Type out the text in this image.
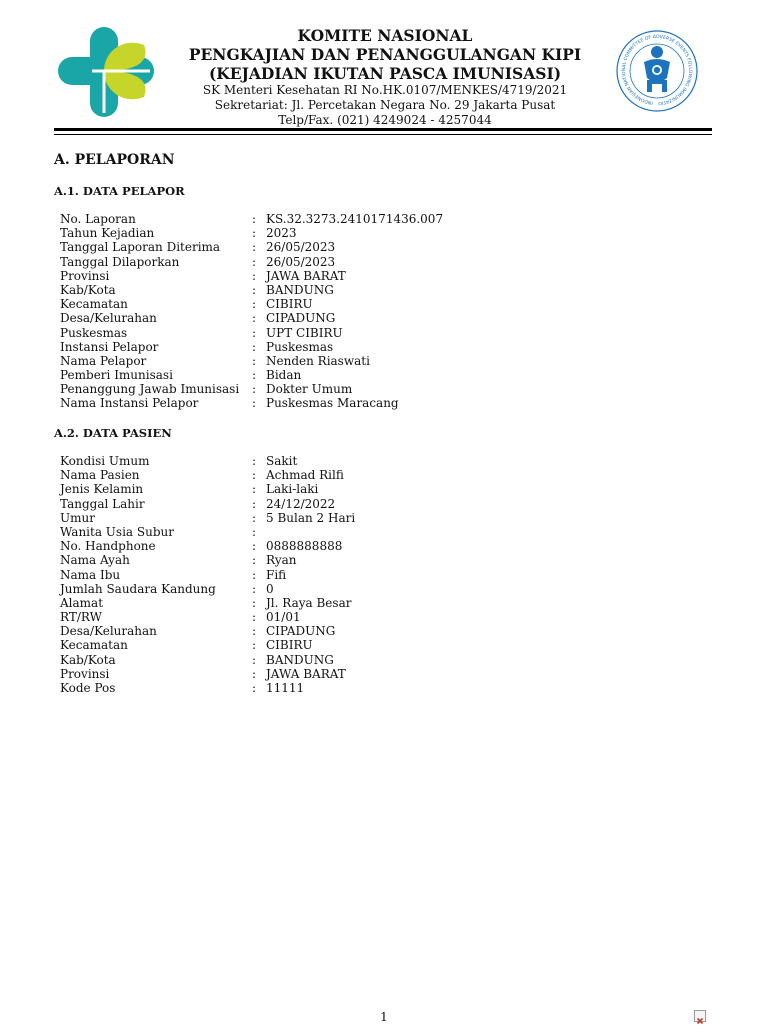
KOMITE NASIONAL
PENGKAJIAN DAN PENANGGULANGAN KIPI
(KEJADIAN IKUTAN PASCA IMUNISASI)
SK Menteri Kesehatan RI No.HK.0107/MENKES/4719/2021
Sekretariat: Jl. Percetakan Negara No. 29 Jakarta Pusat
Telp/Fax. (021) 4249024 - 4257044
INDONESIAN NATIONAL COMMITTEE OF ADVERSE EVENTS FOLLOWING IMMUNIZATIO
A. PELAPORAN
A.1. DATA PELAPOR
No. Laporan	: KS.32.3273.2410171436.007
Tahun Kejadian	: 2023
Tanggal Laporan Diterima	: 26/05/2023
Tanggal Dilaporkan	: 26/05/2023
Provinsi	: JAWA BARAT
Kab/Kota	: BANDUNG
Kecamatan	: CIBIRU
Desa/Kelurahan	: CIPADUNG
Puskesmas	: UPT CIBIRU
Instansi Pelapor	: Puskesmas
Nama Pelapor	: Nenden Riaswati
Pemberi Imunisasi	: Bidan
Penanggung Jawab Imunisasi	: Dokter Umum
Nama Instansi Pelapor	: Puskesmas Maracang
A.2. DATA PASIEN
Kondisi Umum	: Sakit
Nama Pasien	: Achmad Rilfi
Jenis Kelamin	: Laki-laki
Tanggal Lahir	: 24/12/2022
Umur	: 5 Bulan 2 Hari
Wanita Usia Subur	:
No. Handphone	: 0888888888
Nama Ayah	: Ryan
Nama Ibu	: Fifi
Jumlah Saudara Kandung	: 0
Alamat	: Jl. Raya Besar
RT/RW	: 01/01
Desa/Kelurahan	: CIPADUNG
Kecamatan	: CIBIRU
Kab/Kota	: BANDUNG
Provinsi	: JAWA BARAT
Kode Pos	: 11111
1
